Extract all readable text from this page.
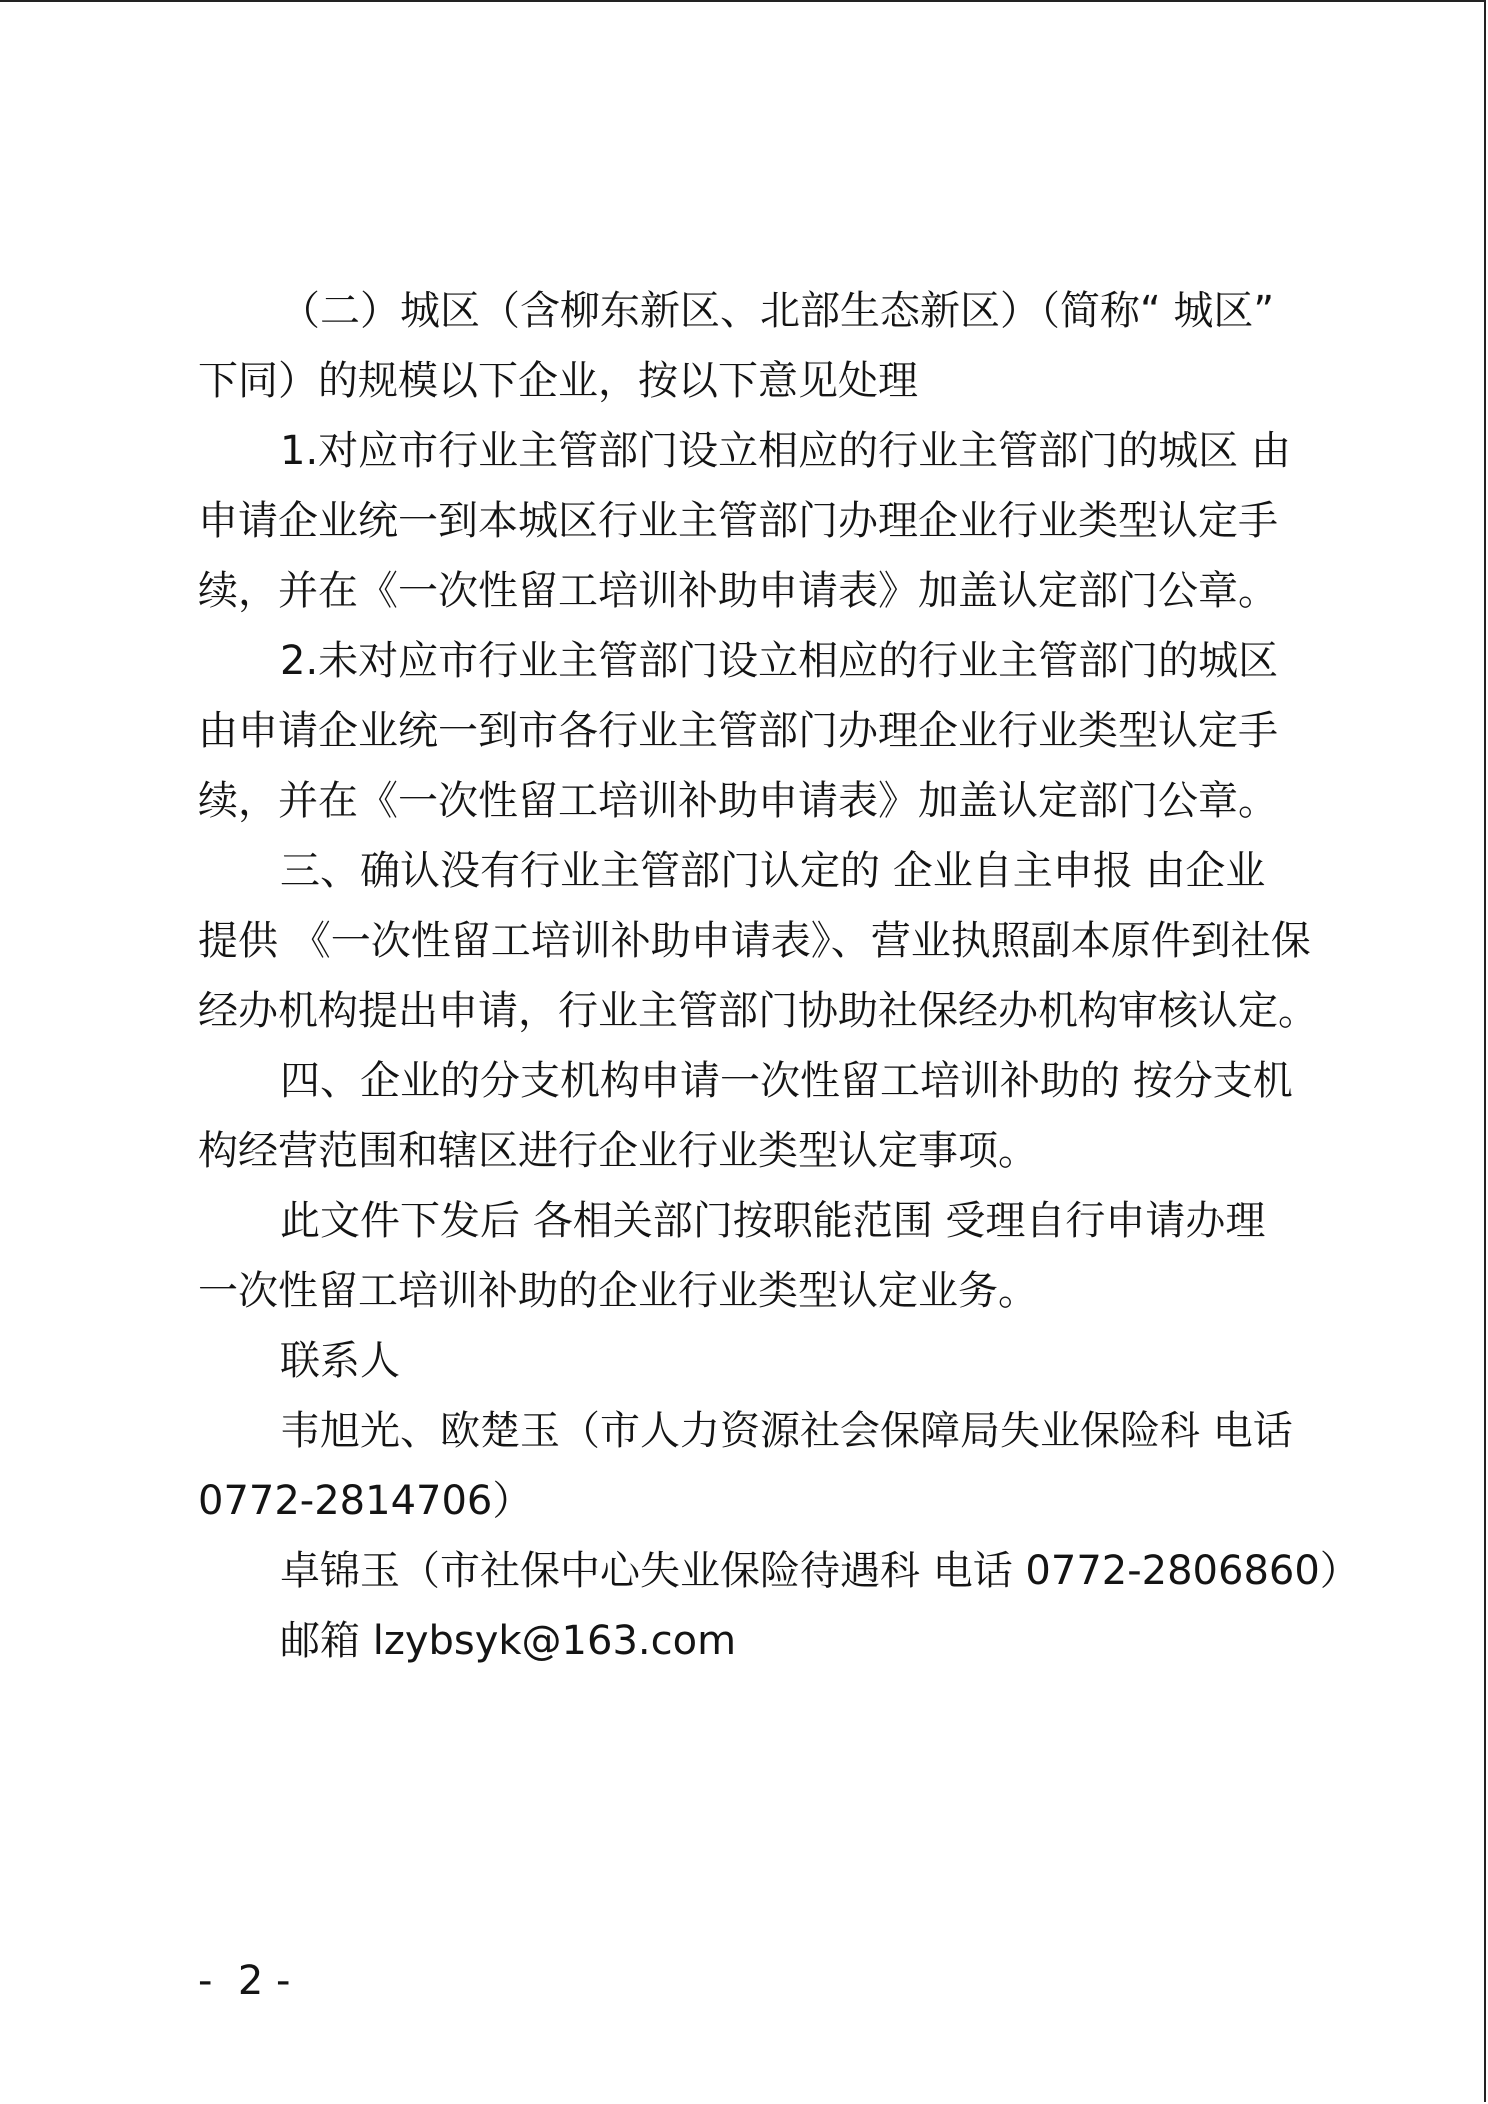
（二）城区（含柳东新区、北部生态新区）（简称“ 城区”
下同）的规模以下企业，按以下意见处理
1.对应市行业主管部门设立相应的行业主管部门的城区 由
申请企业统一到本城区行业主管部门办理企业行业类型认定手
续，并在《一次性留工培训补助申请表》加盖认定部门公章。
2.未对应市行业主管部门设立相应的行业主管部门的城区
由申请企业统一到市各行业主管部门办理企业行业类型认定手
续，并在《一次性留工培训补助申请表》加盖认定部门公章。
三、确认没有行业主管部门认定的 企业自主申报 由企业
提供 《一次性留工培训补助申请表》、营业执照副本原件到社保
经办机构提出申请，行业主管部门协助社保经办机构审核认定。
四、企业的分支机构申请一次性留工培训补助的 按分支机
构经营范围和辖区进行企业行业类型认定事项。
此文件下发后 各相关部门按职能范围 受理自行申请办理
一次性留工培训补助的企业行业类型认定业务。
联系人
韦旭光、欧楚玉（市人力资源社会保障局失业保险科 电话
0772-2814706）
卓锦玉（市社保中心失业保险待遇科 电话 0772-2806860）
邮箱 lzybsyk@163.com
-  2 -
